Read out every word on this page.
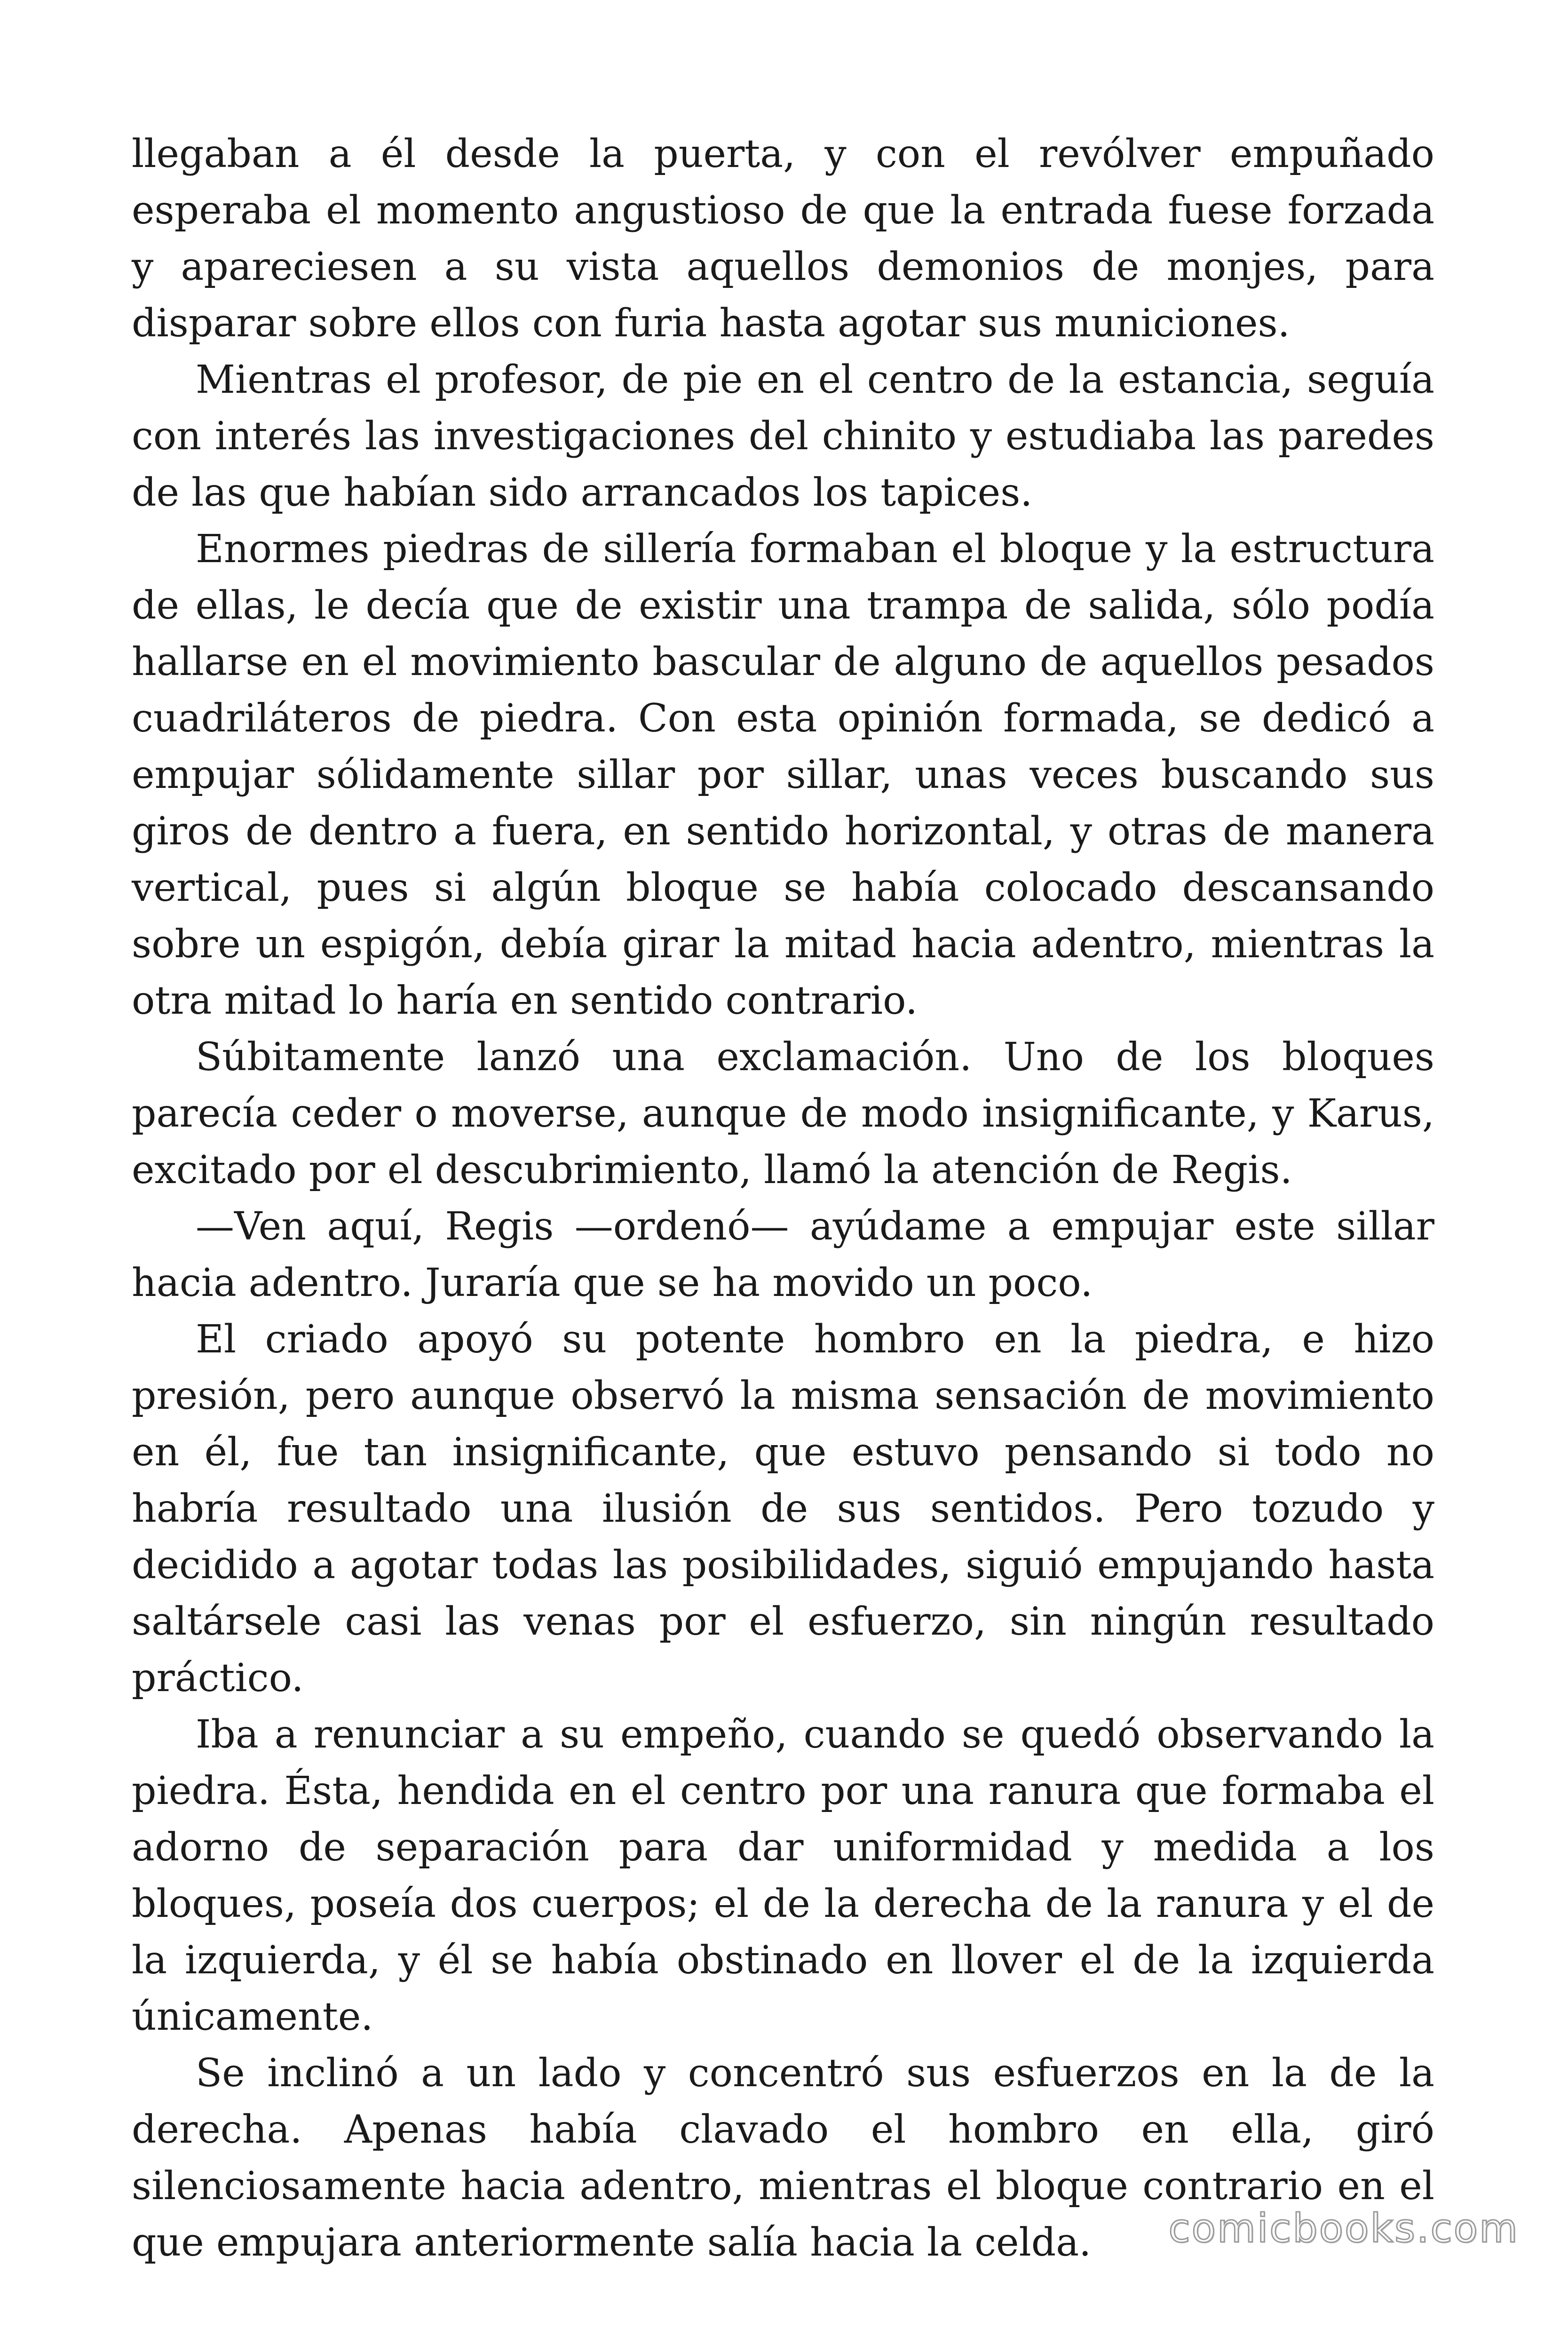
llegaban a él desde la puerta, y con el revólver empuñado esperaba el momento angustioso de que la entrada fuese forzada y apareciesen a su vista aquellos demonios de monjes, para disparar sobre ellos con furia hasta agotar sus municiones.

Mientras el profesor, de pie en el centro de la estancia, seguía con interés las investigaciones del chinito y estudiaba las paredes de las que habían sido arrancados los tapices.

Enormes piedras de sillería formaban el bloque y la estructura de ellas, le decía que de existir una trampa de salida, sólo podía hallarse en el movimiento bascular de alguno de aquellos pesados cuadriláteros de piedra. Con esta opinión formada, se dedicó a empujar sólidamente sillar por sillar, unas veces buscando sus giros de dentro a fuera, en sentido horizontal, y otras de manera vertical, pues si algún bloque se había colocado descansando sobre un espigón, debía girar la mitad hacia adentro, mientras la otra mitad lo haría en sentido contrario.

Súbitamente lanzó una exclamación. Uno de los bloques parecía ceder o moverse, aunque de modo insignificante, y Karus, excitado por el descubrimiento, llamó la atención de Regis.

—Ven aquí, Regis —ordenó— ayúdame a empujar este sillar hacia adentro. Juraría que se ha movido un poco.

El criado apoyó su potente hombro en la piedra, e hizo presión, pero aunque observó la misma sensación de movimiento en él, fue tan insignificante, que estuvo pensando si todo no habría resultado una ilusión de sus sentidos. Pero tozudo y decidido a agotar todas las posibilidades, siguió empujando hasta saltársele casi las venas por el esfuerzo, sin ningún resultado práctico.

Iba a renunciar a su empeño, cuando se quedó observando la piedra. Ésta, hendida en el centro por una ranura que formaba el adorno de separación para dar uniformidad y medida a los bloques, poseía dos cuerpos; el de la derecha de la ranura y el de la izquierda, y él se había obstinado en llover el de la izquierda únicamente.

Se inclinó a un lado y concentró sus esfuerzos en la de la derecha. Apenas había clavado el hombro en ella, giró silenciosamente hacia adentro, mientras el bloque contrario en el que empujara anteriormente salía hacia la celda.	comicbooks.com
